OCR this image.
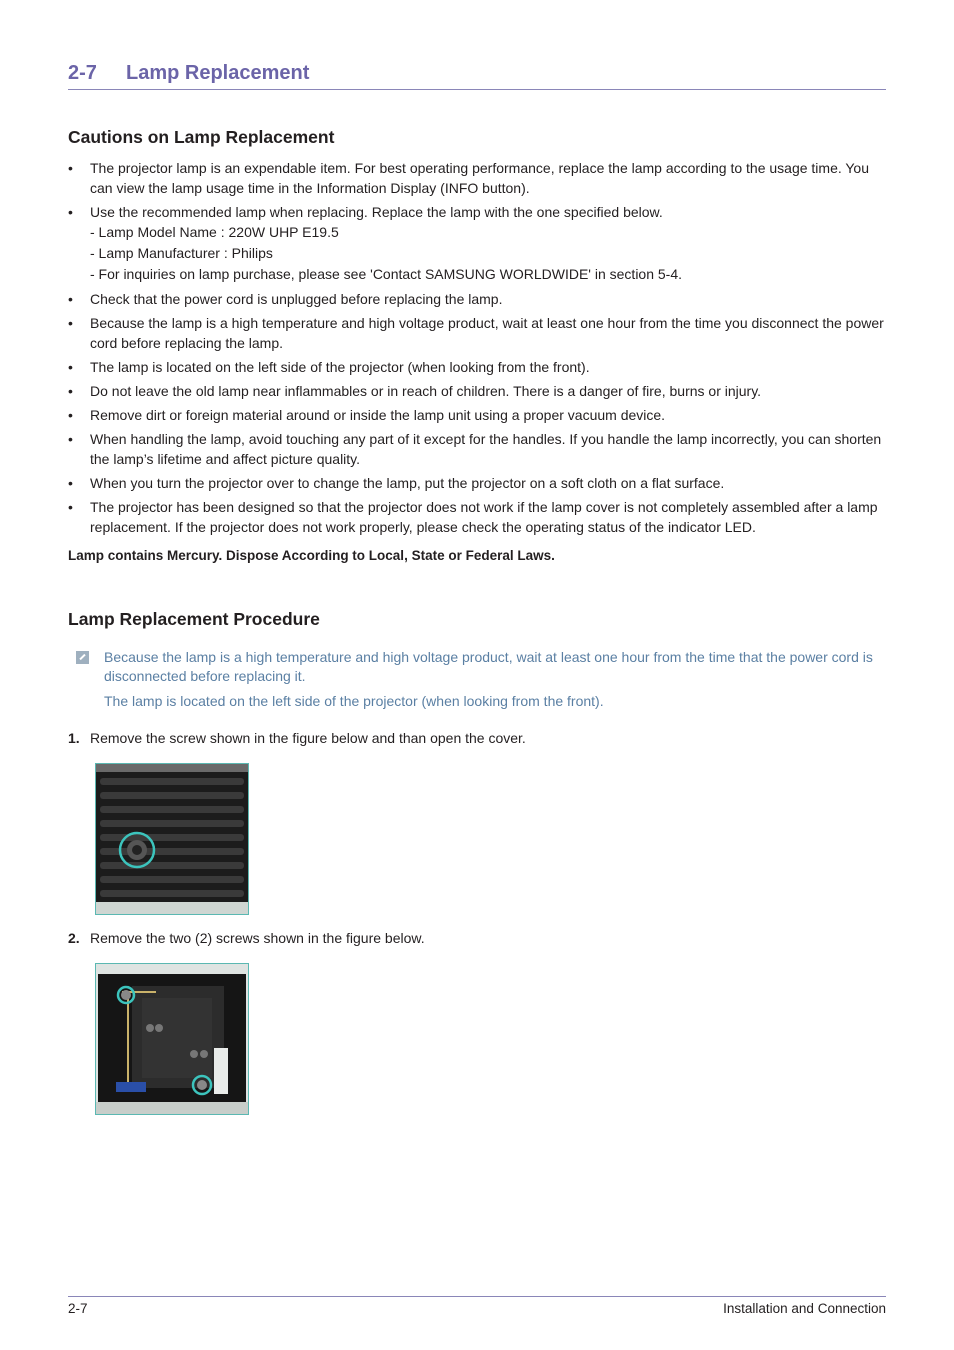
2-7 Lamp Replacement
Cautions on Lamp Replacement
•	The projector lamp is an expendable item. For best operating performance, replace the lamp according to the usage time. You can view the lamp usage time in the Information Display (INFO button).
•	Use the recommended lamp when replacing. Replace the lamp with the one specified below.
- Lamp Model Name : 220W UHP E19.5
- Lamp Manufacturer : Philips
- For inquiries on lamp purchase, please see 'Contact SAMSUNG WORLDWIDE' in section 5-4.
•	Check that the power cord is unplugged before replacing the lamp.
•	Because the lamp is a high temperature and high voltage product, wait at least one hour from the time you disconnect the power cord before replacing the lamp.
•	The lamp is located on the left side of the projector (when looking from the front).
•	Do not leave the old lamp near inflammables or in reach of children. There is a danger of fire, burns or injury.
•	Remove dirt or foreign material around or inside the lamp unit using a proper vacuum device.
•	When handling the lamp, avoid touching any part of it except for the handles. If you handle the lamp incorrectly, you can shorten the lamp’s lifetime and affect picture quality.
•	When you turn the projector over to change the lamp, put the projector on a soft cloth on a flat surface.
•	The projector has been designed so that the projector does not work if the lamp cover is not completely assembled after a lamp replacement. If the projector does not work properly, please check the operating status of the indicator LED.
Lamp contains Mercury. Dispose According to Local, State or Federal Laws.
Lamp Replacement Procedure

Because the lamp is a high temperature and high voltage product, wait at least one hour from the time that the power cord is disconnected before replacing it.

The lamp is located on the left side of the projector (when looking from the front).

1. Remove the screw shown in the figure below and than open the cover.
2. Remove the two (2) screws shown in the figure below.
2-7	Installation and Connection
